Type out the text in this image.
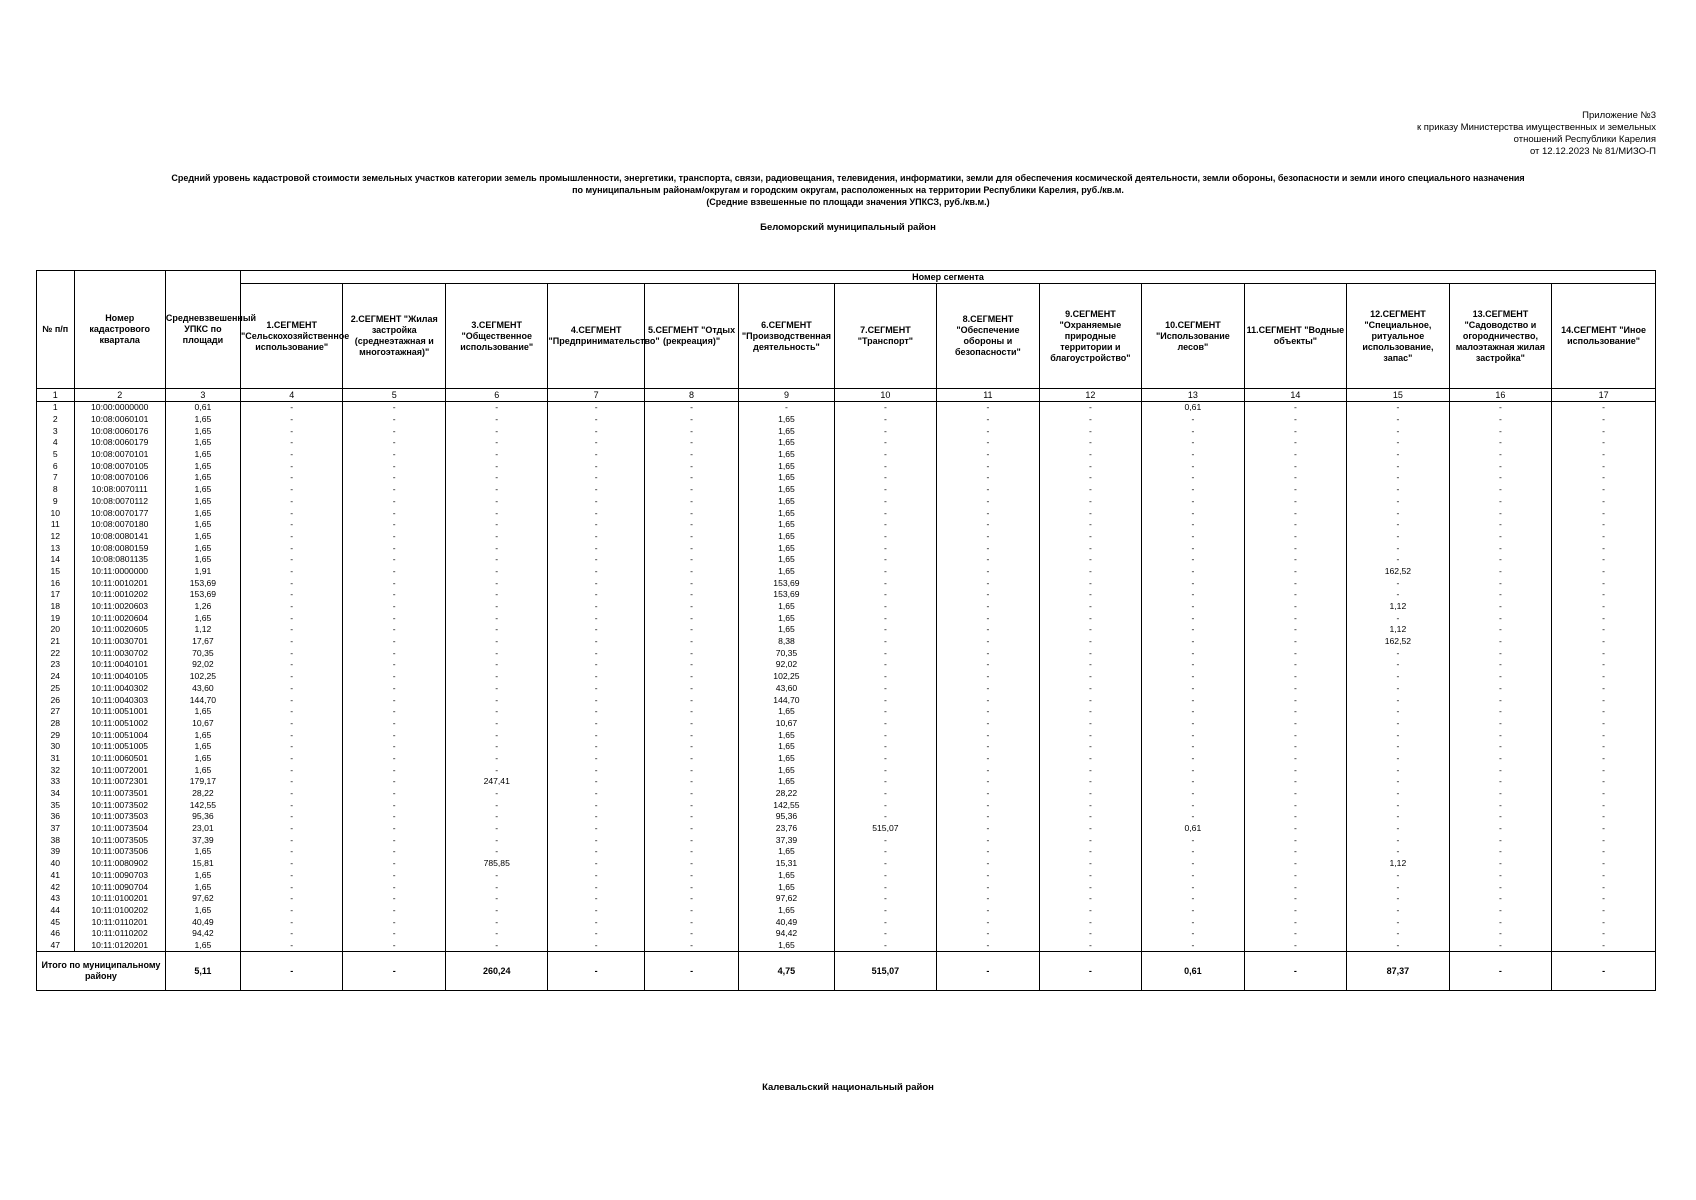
Приложение №3
к приказу Министерства имущественных и земельных
отношений Республики Карелия
от 12.12.2023 № 81/МИЗО-П
Средний уровень кадастровой стоимости земельных участков категории земель промышленности, энергетики, транспорта, связи, радиовещания, телевидения, информатики, земли для обеспечения космической деятельности, земли обороны, безопасности и земли иного специального назначения
по муниципальным районам/округам и городским округам, расположенных на территории Республики Карелия, руб./кв.м.
(Средние взвешенные по площади значения УПКСЗ, руб./кв.м.)
Беломорский муниципальный район
№ п/п	Номер кадастрового квартала	Средневзвешенный УПКС по площади	Номер сегмента													
			1.СЕГМЕНТ "Сельскохозяйственное использование"	2.СЕГМЕНТ "Жилая застройка (среднеэтажная и многоэтажная)"	3.СЕГМЕНТ "Общественное использование"	4.СЕГМЕНТ "Предпринимательство"	5.СЕГМЕНТ "Отдых (рекреация)"	6.СЕГМЕНТ "Производственная деятельность"	7.СЕГМЕНТ "Транспорт"	8.СЕГМЕНТ "Обеспечение обороны и безопасности"	9.СЕГМЕНТ "Охраняемые природные территории и благоустройство"	10.СЕГМЕНТ "Использование лесов"	11.СЕГМЕНТ "Водные объекты"	12.СЕГМЕНТ "Специальное, ритуальное использование, запас"	13.СЕГМЕНТ "Садоводство и огородничество, малоэтажная жилая застройка"	14.СЕГМЕНТ "Иное использование"
1	2	3	4	5	6	7	8	9	10	11	12	13	14	15	16	17
1	10:00:0000000	0,61	-	-	-	-	-	-	-	-	-	0,61	-	-	-	-
2	10:08:0060101	1,65	-	-	-	-	-	1,65	-	-	-	-	-	-	-	-
3	10:08:0060176	1,65	-	-	-	-	-	1,65	-	-	-	-	-	-	-	-
4	10:08:0060179	1,65	-	-	-	-	-	1,65	-	-	-	-	-	-	-	-
5	10:08:0070101	1,65	-	-	-	-	-	1,65	-	-	-	-	-	-	-	-
6	10:08:0070105	1,65	-	-	-	-	-	1,65	-	-	-	-	-	-	-	-
7	10:08:0070106	1,65	-	-	-	-	-	1,65	-	-	-	-	-	-	-	-
8	10:08:0070111	1,65	-	-	-	-	-	1,65	-	-	-	-	-	-	-	-
9	10:08:0070112	1,65	-	-	-	-	-	1,65	-	-	-	-	-	-	-	-
10	10:08:0070177	1,65	-	-	-	-	-	1,65	-	-	-	-	-	-	-	-
11	10:08:0070180	1,65	-	-	-	-	-	1,65	-	-	-	-	-	-	-	-
12	10:08:0080141	1,65	-	-	-	-	-	1,65	-	-	-	-	-	-	-	-
13	10:08:0080159	1,65	-	-	-	-	-	1,65	-	-	-	-	-	-	-	-
14	10:08:0801135	1,65	-	-	-	-	-	1,65	-	-	-	-	-	-	-	-
15	10:11:0000000	1,91	-	-	-	-	-	1,65	-	-	-	-	-	162,52	-	-
16	10:11:0010201	153,69	-	-	-	-	-	153,69	-	-	-	-	-	-	-	-
17	10:11:0010202	153,69	-	-	-	-	-	153,69	-	-	-	-	-	-	-	-
18	10:11:0020603	1,26	-	-	-	-	-	1,65	-	-	-	-	-	1,12	-	-
19	10:11:0020604	1,65	-	-	-	-	-	1,65	-	-	-	-	-	-	-	-
20	10:11:0020605	1,12	-	-	-	-	-	1,65	-	-	-	-	-	1,12	-	-
21	10:11:0030701	17,67	-	-	-	-	-	8,38	-	-	-	-	-	162,52	-	-
22	10:11:0030702	70,35	-	-	-	-	-	70,35	-	-	-	-	-	-	-	-
23	10:11:0040101	92,02	-	-	-	-	-	92,02	-	-	-	-	-	-	-	-
24	10:11:0040105	102,25	-	-	-	-	-	102,25	-	-	-	-	-	-	-	-
25	10:11:0040302	43,60	-	-	-	-	-	43,60	-	-	-	-	-	-	-	-
26	10:11:0040303	144,70	-	-	-	-	-	144,70	-	-	-	-	-	-	-	-
27	10:11:0051001	1,65	-	-	-	-	-	1,65	-	-	-	-	-	-	-	-
28	10:11:0051002	10,67	-	-	-	-	-	10,67	-	-	-	-	-	-	-	-
29	10:11:0051004	1,65	-	-	-	-	-	1,65	-	-	-	-	-	-	-	-
30	10:11:0051005	1,65	-	-	-	-	-	1,65	-	-	-	-	-	-	-	-
31	10:11:0060501	1,65	-	-	-	-	-	1,65	-	-	-	-	-	-	-	-
32	10:11:0072001	1,65	-	-	-	-	-	1,65	-	-	-	-	-	-	-	-
33	10:11:0072301	179,17	-	-	247,41	-	-	1,65	-	-	-	-	-	-	-	-
34	10:11:0073501	28,22	-	-	-	-	-	28,22	-	-	-	-	-	-	-	-
35	10:11:0073502	142,55	-	-	-	-	-	142,55	-	-	-	-	-	-	-	-
36	10:11:0073503	95,36	-	-	-	-	-	95,36	-	-	-	-	-	-	-	-
37	10:11:0073504	23,01	-	-	-	-	-	23,76	515,07	-	-	0,61	-	-	-	-
38	10:11:0073505	37,39	-	-	-	-	-	37,39	-	-	-	-	-	-	-	-
39	10:11:0073506	1,65	-	-	-	-	-	1,65	-	-	-	-	-	-	-	-
40	10:11:0080902	15,81	-	-	785,85	-	-	15,31	-	-	-	-	-	1,12	-	-
41	10:11:0090703	1,65	-	-	-	-	-	1,65	-	-	-	-	-	-	-	-
42	10:11:0090704	1,65	-	-	-	-	-	1,65	-	-	-	-	-	-	-	-
43	10:11:0100201	97,62	-	-	-	-	-	97,62	-	-	-	-	-	-	-	-
44	10:11:0100202	1,65	-	-	-	-	-	1,65	-	-	-	-	-	-	-	-
45	10:11:0110201	40,49	-	-	-	-	-	40,49	-	-	-	-	-	-	-	-
46	10:11:0110202	94,42	-	-	-	-	-	94,42	-	-	-	-	-	-	-	-
47	10:11:0120201	1,65	-	-	-	-	-	1,65	-	-	-	-	-	-	-	-
Итого по муниципальному району		5,11	-	-	260,24	-	-	4,75	515,07	-	-	0,61	-	87,37	-	-
Калевальский национальный район
